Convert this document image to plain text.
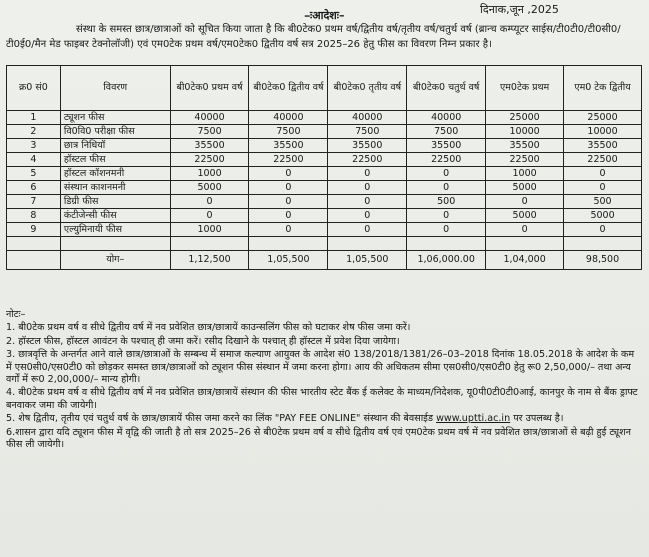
दिनाक,जून ,2025
–ःआदेशः–
संस्था के समस्त छात्र/छात्राओं को सूचित किया जाता है कि बी0टेक0 प्रथम वर्ष/द्वितीय वर्ष/तृतीय वर्ष/चतुर्थ वर्ष (ब्रान्च कम्प्यूटर साईस/टी0टी0/टी0सी0/टी0ई0/मैन मेड फाइबर टेक्नोलॉजी) एवं एम0टेक प्रथम वर्ष/एम0टेक0 द्वितीय वर्ष सत्र 2025–26 हेतु फीस का विवरण निम्न प्रकार है।
क्र0 सं0	विवरण	बी0टेक0 प्रथम वर्ष	बी0टेक0 द्वितीय वर्ष	बी0टेक0 तृतीय वर्ष	बी0टेक0 चतुर्थ वर्ष	एम0टेक प्रथम	एम0 टेक द्वितीय
1	ट्यूशन फीस	40000	40000	40000	40000	25000	25000
2	वि0वि0 परीक्षा फीस	7500	7500	7500	7500	10000	10000
3	छात्र निधियॉ	35500	35500	35500	35500	35500	35500
4	हॉस्टल फीस	22500	22500	22500	22500	22500	22500
5	हॉस्टल कॉशनमनी	1000	0	0	0	1000	0
6	संस्थान काशनमनी	5000	0	0	0	5000	0
7	डिग्री फीस	0	0	0	500	0	500
8	कंटीजेन्सी फीस	0	0	0	0	5000	5000
9	एल्युमिनायी फीस	1000	0	0	0	0	0

	योग–	1,12,500	1,05,500	1,05,500	1,06,000.00	1,04,000	98,500

नोटः–

1. बी0टेक प्रथम वर्ष व सीधे द्वितीय वर्ष में नव प्रवेशित छात्र/छात्रायें काउन्सलिंग फीस को घटाकर शेष फीस जमा करें।

2. हॉस्टल फीस, हॉस्टल आवंटन के पश्चात् ही जमा करें। रसीद दिखाने के पश्चात् ही हॉस्टल में प्रवेश दिया जायेगा।

3. छात्रवृत्ति के अन्तर्गत आने वाले छात्र/छात्राओं के सम्बन्ध में समाज कल्याण आयुक्त के आदेश सं0 138/2018/1381/26–03–2018 दिनांक 18.05.2018 के आदेश के कम में एस0सी0/एस0टी0 को छोड़कर समस्त छात्र/छात्राओं को ट्यूशन फीस संस्थान में जमा करना होगा। आय की अधिकतम सीमा एस0सी0/एस0टी0 हेतु रू0 2,50,000/– तथा अन्य वर्गों में रू0 2,00,000/– मान्य होगी।

4. बी0टेक प्रथम वर्ष व सीधे द्वितीय वर्ष में नव प्रवेशित छात्र/छात्रायें संस्थान की फीस भारतीय स्टेट बैंक ई कलेक्ट के माध्यम/निदेशक, यू0पी0टी0टी0आई, कानपुर के नाम से बैंक ड्राफ्ट बनवाकर जमा की जायेगी।

5. शेष द्वितीय, तृतीय एवं चतुर्थ वर्ष के छात्र/छात्रायें फीस जमा करने का लिंक "PAY FEE ONLINE" संस्थान की बेवसाईड www.uptti.ac.in पर उपलब्ध है।

6.शासन द्वारा यदि ट्यूशन फीस में वृद्वि की जाती है तो सत्र 2025–26 से बी0टेक प्रथम वर्ष व सीधे द्वितीय वर्ष एवं एम0टेक प्रथम वर्ष में नव प्रवेशित छात्र/छात्राओं से बढ़ी हुई ट्यूशन फीस ली जायेगी।
